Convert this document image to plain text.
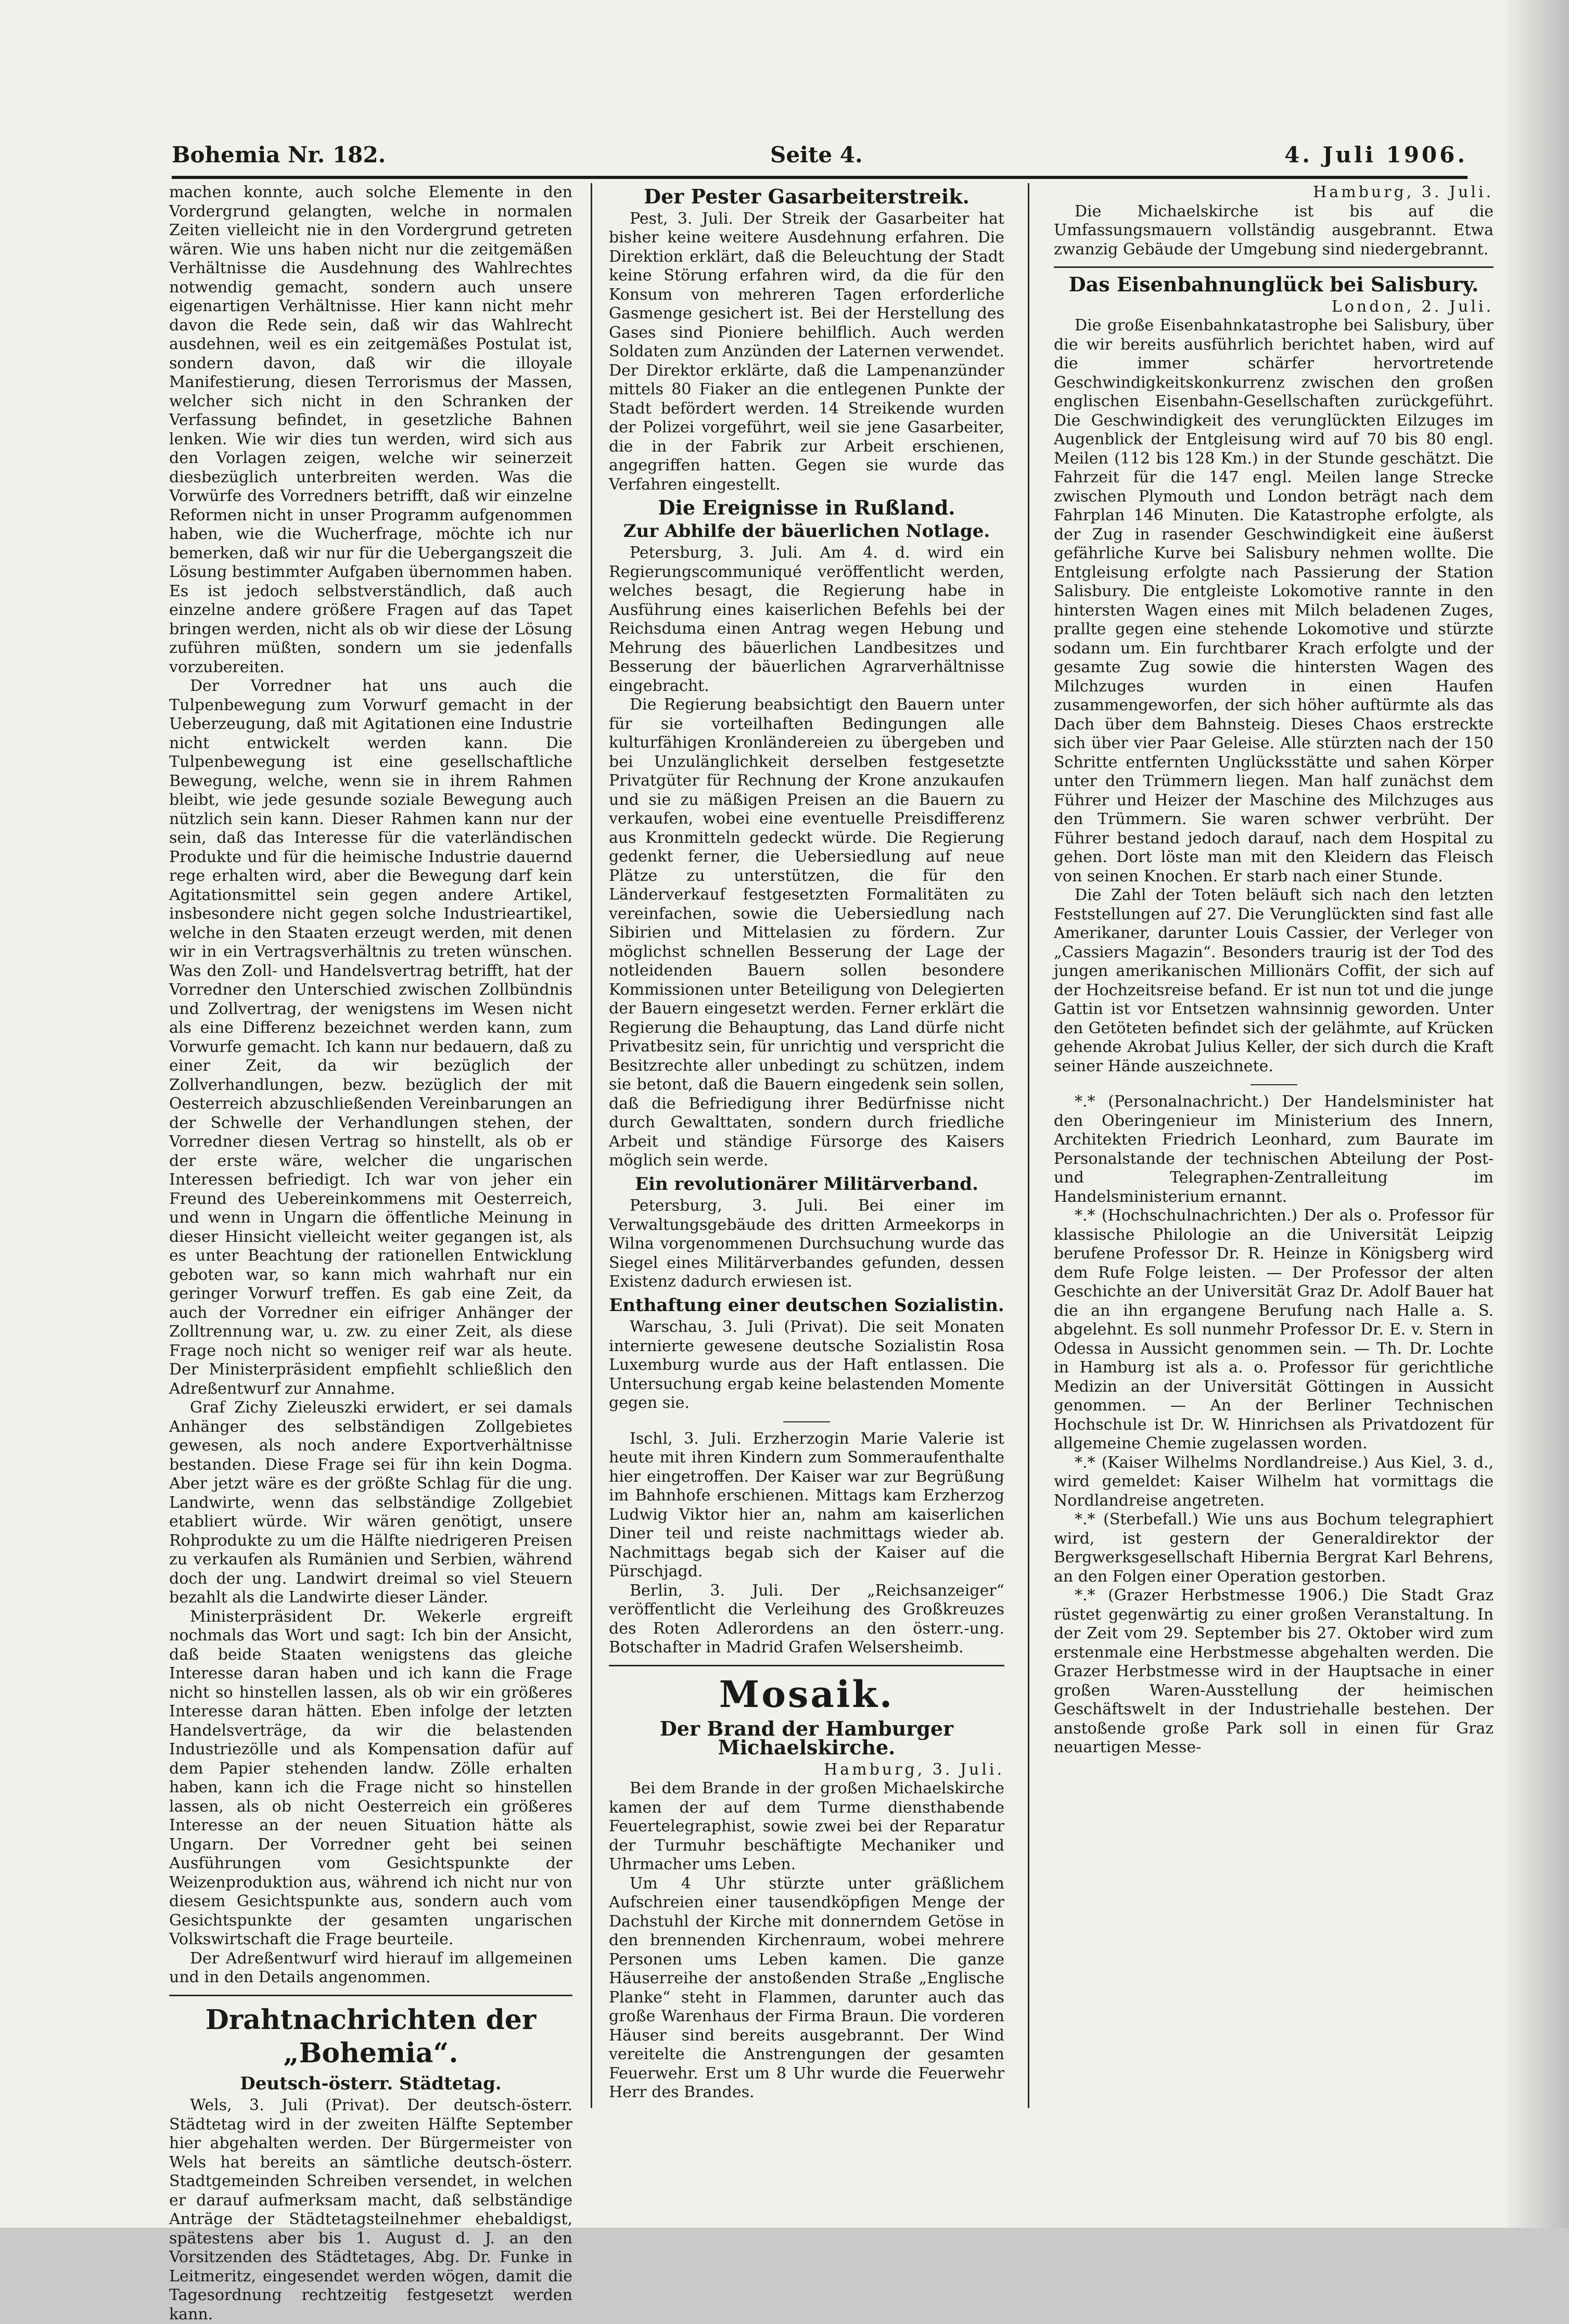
Bohemia Nr. 182.	Seite 4.	4. Juli 1906.

machen konnte, auch solche Elemente in den Vordergrund gelangten, welche in normalen Zeiten vielleicht nie in den Vordergrund getreten wären. Wie uns haben nicht nur die zeitgemäßen Verhältnisse die Ausdehnung des Wahlrechtes notwendig gemacht, sondern auch unsere eigenartigen Verhältnisse. Hier kann nicht mehr davon die Rede sein, daß wir das Wahlrecht ausdehnen, weil es ein zeitgemäßes Postulat ist, sondern davon, daß wir die illoyale Manifestierung, diesen Terrorismus der Massen, welcher sich nicht in den Schranken der Verfassung befindet, in gesetzliche Bahnen lenken. Wie wir dies tun werden, wird sich aus den Vorlagen zeigen, welche wir seinerzeit diesbezüglich unterbreiten werden. Was die Vorwürfe des Vorredners betrifft, daß wir einzelne Reformen nicht in unser Programm aufgenommen haben, wie die Wucherfrage, möchte ich nur bemerken, daß wir nur für die Uebergangszeit die Lösung bestimmter Aufgaben übernommen haben. Es ist jedoch selbstverständlich, daß auch einzelne andere größere Fragen auf das Tapet bringen werden, nicht als ob wir diese der Lösung zuführen müßten, sondern um sie jedenfalls vorzubereiten.

Der Vorredner hat uns auch die Tulpenbewegung zum Vorwurf gemacht in der Ueberzeugung, daß mit Agitationen eine Industrie nicht entwickelt werden kann. Die Tulpenbewegung ist eine gesellschaftliche Bewegung, welche, wenn sie in ihrem Rahmen bleibt, wie jede gesunde soziale Bewegung auch nützlich sein kann. Dieser Rahmen kann nur der sein, daß das Interesse für die vaterländischen Produkte und für die heimische Industrie dauernd rege erhalten wird, aber die Bewegung darf kein Agitationsmittel sein gegen andere Artikel, insbesondere nicht gegen solche Industrieartikel, welche in den Staaten erzeugt werden, mit denen wir in ein Vertragsverhältnis zu treten wünschen. Was den Zoll- und Handelsvertrag betrifft, hat der Vorredner den Unterschied zwischen Zollbündnis und Zollvertrag, der wenigstens im Wesen nicht als eine Differenz bezeichnet werden kann, zum Vorwurfe gemacht. Ich kann nur bedauern, daß zu einer Zeit, da wir bezüglich der Zollverhandlungen, bezw. bezüglich der mit Oesterreich abzuschließenden Vereinbarungen an der Schwelle der Verhandlungen stehen, der Vorredner diesen Vertrag so hinstellt, als ob er der erste wäre, welcher die ungarischen Interessen befriedigt. Ich war von jeher ein Freund des Uebereinkommens mit Oesterreich, und wenn in Ungarn die öffentliche Meinung in dieser Hinsicht vielleicht weiter gegangen ist, als es unter Beachtung der rationellen Entwicklung geboten war, so kann mich wahrhaft nur ein geringer Vorwurf treffen. Es gab eine Zeit, da auch der Vorredner ein eifriger Anhänger der Zolltrennung war, u. zw. zu einer Zeit, als diese Frage noch nicht so weniger reif war als heute. Der Ministerpräsident empfiehlt schließlich den Adreßentwurf zur Annahme.

Graf Zichy Zieleuszki erwidert, er sei damals Anhänger des selbständigen Zollgebietes gewesen, als noch andere Exportverhältnisse bestanden. Diese Frage sei für ihn kein Dogma. Aber jetzt wäre es der größte Schlag für die ung. Landwirte, wenn das selbständige Zollgebiet etabliert würde. Wir wären genötigt, unsere Rohprodukte zu um die Hälfte niedrigeren Preisen zu verkaufen als Rumänien und Serbien, während doch der ung. Landwirt dreimal so viel Steuern bezahlt als die Landwirte dieser Länder.

Ministerpräsident Dr. Wekerle ergreift nochmals das Wort und sagt: Ich bin der Ansicht, daß beide Staaten wenigstens das gleiche Interesse daran haben und ich kann die Frage nicht so hinstellen lassen, als ob wir ein größeres Interesse daran hätten. Eben infolge der letzten Handelsverträge, da wir die belastenden Industriezölle und als Kompensation dafür auf dem Papier stehenden landw. Zölle erhalten haben, kann ich die Frage nicht so hinstellen lassen, als ob nicht Oesterreich ein größeres Interesse an der neuen Situation hätte als Ungarn. Der Vorredner geht bei seinen Ausführungen vom Gesichtspunkte der Weizenproduktion aus, während ich nicht nur von diesem Gesichtspunkte aus, sondern auch vom Gesichtspunkte der gesamten ungarischen Volkswirtschaft die Frage beurteile.

Der Adreßentwurf wird hierauf im allgemeinen und in den Details angenommen.

Drahtnachrichten der „Bohemia“.
Deutsch-österr. Städtetag.

Wels, 3. Juli (Privat). Der deutsch-österr. Städtetag wird in der zweiten Hälfte September hier abgehalten werden. Der Bürgermeister von Wels hat bereits an sämtliche deutsch-österr. Stadtgemeinden Schreiben versendet, in welchen er darauf aufmerksam macht, daß selbständige Anträge der Städtetagsteilnehmer ehebaldigst, spätestens aber bis 1. August d. J. an den Vorsitzenden des Städtetages, Abg. Dr. Funke in Leitmeritz, eingesendet werden wögen, damit die Tagesordnung rechtzeitig festgesetzt werden kann.

Der Pester Gasarbeiterstreik.

Pest, 3. Juli. Der Streik der Gasarbeiter hat bisher keine weitere Ausdehnung erfahren. Die Direktion erklärt, daß die Beleuchtung der Stadt keine Störung erfahren wird, da die für den Konsum von mehreren Tagen erforderliche Gasmenge gesichert ist. Bei der Herstellung des Gases sind Pioniere behilflich. Auch werden Soldaten zum Anzünden der Laternen verwendet. Der Direktor erklärte, daß die Lampenanzünder mittels 80 Fiaker an die entlegenen Punkte der Stadt befördert werden. 14 Streikende wurden der Polizei vorgeführt, weil sie jene Gasarbeiter, die in der Fabrik zur Arbeit erschienen, angegriffen hatten. Gegen sie wurde das Verfahren eingestellt.

Die Ereignisse in Rußland.
Zur Abhilfe der bäuerlichen Notlage.

Petersburg, 3. Juli. Am 4. d. wird ein Regierungscommuniqué veröffentlicht werden, welches besagt, die Regierung habe in Ausführung eines kaiserlichen Befehls bei der Reichsduma einen Antrag wegen Hebung und Mehrung des bäuerlichen Landbesitzes und Besserung der bäuerlichen Agrarverhältnisse eingebracht.

Die Regierung beabsichtigt den Bauern unter für sie vorteilhaften Bedingungen alle kulturfähigen Kronländereien zu übergeben und bei Unzulänglichkeit derselben festgesetzte Privatgüter für Rechnung der Krone anzukaufen und sie zu mäßigen Preisen an die Bauern zu verkaufen, wobei eine eventuelle Preisdifferenz aus Kronmitteln gedeckt würde. Die Regierung gedenkt ferner, die Uebersiedlung auf neue Plätze zu unterstützen, die für den Länderverkauf festgesetzten Formalitäten zu vereinfachen, sowie die Uebersiedlung nach Sibirien und Mittelasien zu fördern. Zur möglichst schnellen Besserung der Lage der notleidenden Bauern sollen besondere Kommissionen unter Beteiligung von Delegierten der Bauern eingesetzt werden. Ferner erklärt die Regierung die Behauptung, das Land dürfe nicht Privatbesitz sein, für unrichtig und verspricht die Besitzrechte aller unbedingt zu schützen, indem sie betont, daß die Bauern eingedenk sein sollen, daß die Befriedigung ihrer Bedürfnisse nicht durch Gewalttaten, sondern durch friedliche Arbeit und ständige Fürsorge des Kaisers möglich sein werde.

Ein revolutionärer Militärverband.

Petersburg, 3. Juli. Bei einer im Verwaltungsgebäude des dritten Armeekorps in Wilna vorgenommenen Durchsuchung wurde das Siegel eines Militärverbandes gefunden, dessen Existenz dadurch erwiesen ist.

Enthaftung einer deutschen Sozialistin.

Warschau, 3. Juli (Privat). Die seit Monaten internierte gewesene deutsche Sozialistin Rosa Luxemburg wurde aus der Haft entlassen. Die Untersuchung ergab keine belastenden Momente gegen sie.

Ischl, 3. Juli. Erzherzogin Marie Valerie ist heute mit ihren Kindern zum Sommeraufenthalte hier eingetroffen. Der Kaiser war zur Begrüßung im Bahnhofe erschienen. Mittags kam Erzherzog Ludwig Viktor hier an, nahm am kaiserlichen Diner teil und reiste nachmittags wieder ab. Nachmittags begab sich der Kaiser auf die Pürschjagd.

Berlin, 3. Juli. Der „Reichsanzeiger“ veröffentlicht die Verleihung des Großkreuzes des Roten Adlerordens an den österr.-ung. Botschafter in Madrid Grafen Welsersheimb.

Mosaik.
Der Brand der Hamburger Michaelskirche.

Hamburg, 3. Juli.

Bei dem Brande in der großen Michaelskirche kamen der auf dem Turme diensthabende Feuertelegraphist, sowie zwei bei der Reparatur der Turmuhr beschäftigte Mechaniker und Uhrmacher ums Leben.

Um 4 Uhr stürzte unter gräßlichem Aufschreien einer tausendköpfigen Menge der Dachstuhl der Kirche mit donnerndem Getöse in den brennenden Kirchenraum, wobei mehrere Personen ums Leben kamen. Die ganze Häuserreihe der anstoßenden Straße „Englische Planke“ steht in Flammen, darunter auch das große Warenhaus der Firma Braun. Die vorderen Häuser sind bereits ausgebrannt. Der Wind vereitelte die Anstrengungen der gesamten Feuerwehr. Erst um 8 Uhr wurde die Feuerwehr Herr des Brandes.

Hamburg, 3. Juli.

Die Michaelskirche ist bis auf die Umfassungsmauern vollständig ausgebrannt. Etwa zwanzig Gebäude der Umgebung sind niedergebrannt.

Das Eisenbahnunglück bei Salisbury.

London, 2. Juli.

Die große Eisenbahnkatastrophe bei Salisbury, über die wir bereits ausführlich berichtet haben, wird auf die immer schärfer hervortretende Geschwindigkeitskonkurrenz zwischen den großen englischen Eisenbahn-Gesellschaften zurückgeführt. Die Geschwindigkeit des verunglückten Eilzuges im Augenblick der Entgleisung wird auf 70 bis 80 engl. Meilen (112 bis 128 Km.) in der Stunde geschätzt. Die Fahrzeit für die 147 engl. Meilen lange Strecke zwischen Plymouth und London beträgt nach dem Fahrplan 146 Minuten. Die Katastrophe erfolgte, als der Zug in rasender Geschwindigkeit eine äußerst gefährliche Kurve bei Salisbury nehmen wollte. Die Entgleisung erfolgte nach Passierung der Station Salisbury. Die entgleiste Lokomotive rannte in den hintersten Wagen eines mit Milch beladenen Zuges, prallte gegen eine stehende Lokomotive und stürzte sodann um. Ein furchtbarer Krach erfolgte und der gesamte Zug sowie die hintersten Wagen des Milchzuges wurden in einen Haufen zusammengeworfen, der sich höher auftürmte als das Dach über dem Bahnsteig. Dieses Chaos erstreckte sich über vier Paar Geleise. Alle stürzten nach der 150 Schritte entfernten Unglücksstätte und sahen Körper unter den Trümmern liegen. Man half zunächst dem Führer und Heizer der Maschine des Milchzuges aus den Trümmern. Sie waren schwer verbrüht. Der Führer bestand jedoch darauf, nach dem Hospital zu gehen. Dort löste man mit den Kleidern das Fleisch von seinen Knochen. Er starb nach einer Stunde.

Die Zahl der Toten beläuft sich nach den letzten Feststellungen auf 27. Die Verunglückten sind fast alle Amerikaner, darunter Louis Cassier, der Verleger von „Cassiers Magazin“. Besonders traurig ist der Tod des jungen amerikanischen Millionärs Coffit, der sich auf der Hochzeitsreise befand. Er ist nun tot und die junge Gattin ist vor Entsetzen wahnsinnig geworden. Unter den Getöteten befindet sich der gelähmte, auf Krücken gehende Akrobat Julius Keller, der sich durch die Kraft seiner Hände auszeichnete.

*.* (Personalnachricht.) Der Handelsminister hat den Oberingenieur im Ministerium des Innern, Architekten Friedrich Leonhard, zum Baurate im Personalstande der technischen Abteilung der Post- und Telegraphen-Zentralleitung im Handelsministerium ernannt.

*.* (Hochschulnachrichten.) Der als o. Professor für klassische Philologie an die Universität Leipzig berufene Professor Dr. R. Heinze in Königsberg wird dem Rufe Folge leisten. — Der Professor der alten Geschichte an der Universität Graz Dr. Adolf Bauer hat die an ihn ergangene Berufung nach Halle a. S. abgelehnt. Es soll nunmehr Professor Dr. E. v. Stern in Odessa in Aussicht genommen sein. — Th. Dr. Lochte in Hamburg ist als a. o. Professor für gerichtliche Medizin an der Universität Göttingen in Aussicht genommen. — An der Berliner Technischen Hochschule ist Dr. W. Hinrichsen als Privatdozent für allgemeine Chemie zugelassen worden.

*.* (Kaiser Wilhelms Nordlandreise.) Aus Kiel, 3. d., wird gemeldet: Kaiser Wilhelm hat vormittags die Nordlandreise angetreten.

*.* (Sterbefall.) Wie uns aus Bochum telegraphiert wird, ist gestern der Generaldirektor der Bergwerksgesellschaft Hibernia Bergrat Karl Behrens, an den Folgen einer Operation gestorben.

*.* (Grazer Herbstmesse 1906.) Die Stadt Graz rüstet gegenwärtig zu einer großen Veranstaltung. In der Zeit vom 29. September bis 27. Oktober wird zum erstenmale eine Herbstmesse abgehalten werden. Die Grazer Herbstmesse wird in der Hauptsache in einer großen Waren-Ausstellung der heimischen Geschäftswelt in der Industriehalle bestehen. Der anstoßende große Park soll in einen für Graz neuartigen Messe-
